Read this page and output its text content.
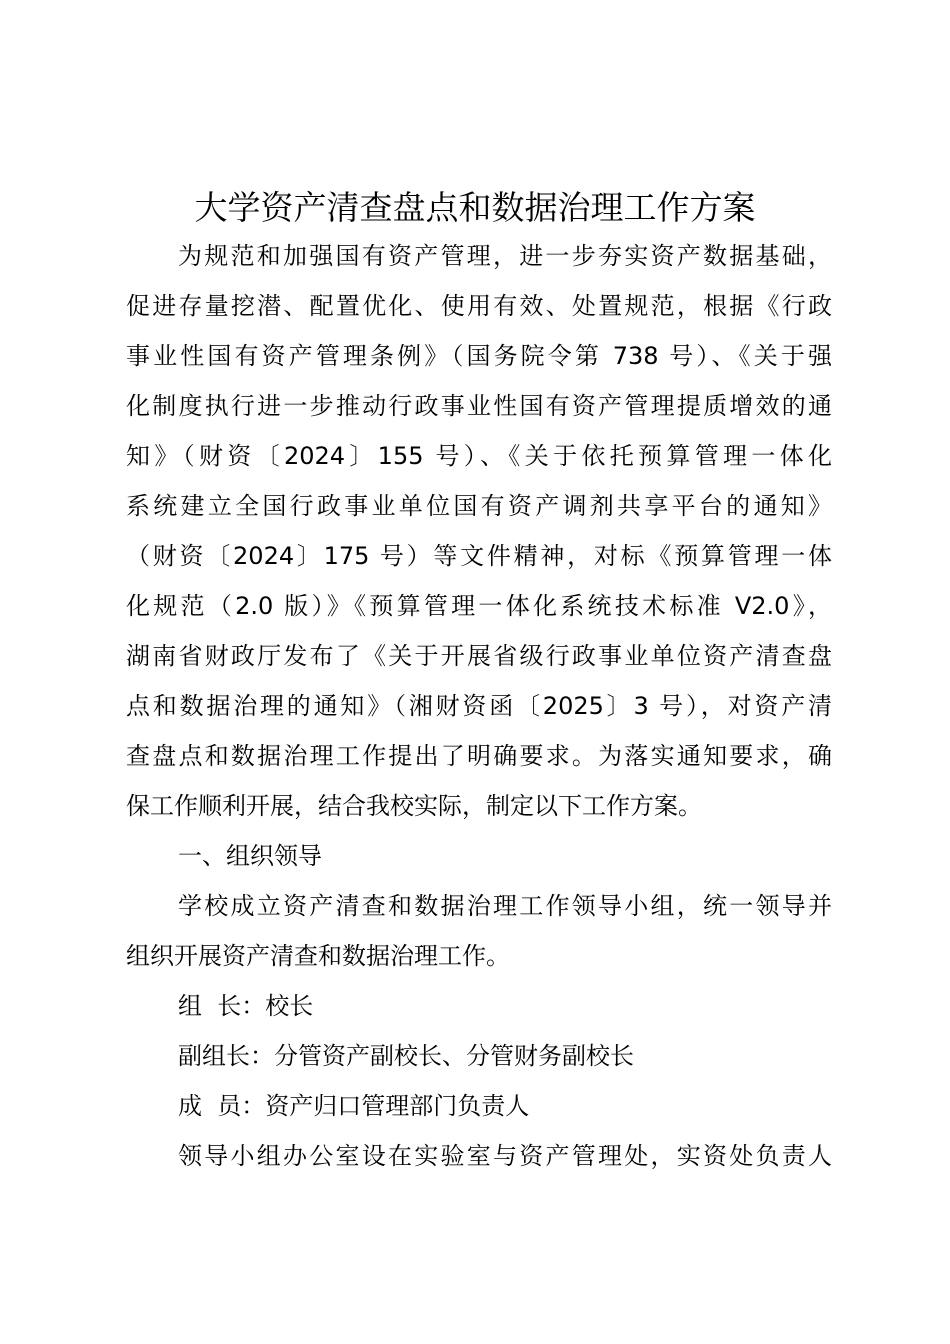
大学资产清查盘点和数据治理工作方案
为规范和加强国有资产管理，进一步夯实资产数据基础，
促进存量挖潜、配置优化、使用有效、处置规范，根据《行政
事业性国有资产管理条例》（国务院令第 738 号）、《关于强
化制度执行进一步推动行政事业性国有资产管理提质增效的通
知》（财资〔2024〕155 号）、《关于依托预算管理一体化
系统建立全国行政事业单位国有资产调剂共享平台的通知》
（财资〔2024〕175 号）等文件精神，对标《预算管理一体
化规范（2.0 版）》《预算管理一体化系统技术标准 V2.0》，
湖南省财政厅发布了《关于开展省级行政事业单位资产清查盘
点和数据治理的通知》（湘财资函〔2025〕3 号），对资产清
查盘点和数据治理工作提出了明确要求。为落实通知要求，确
保工作顺利开展，结合我校实际，制定以下工作方案。
一、组织领导
学校成立资产清查和数据治理工作领导小组，统一领导并
组织开展资产清查和数据治理工作。
组  长：校长
副组长：分管资产副校长、分管财务副校长
成  员：资产归口管理部门负责人
领导小组办公室设在实验室与资产管理处，实资处负责人
